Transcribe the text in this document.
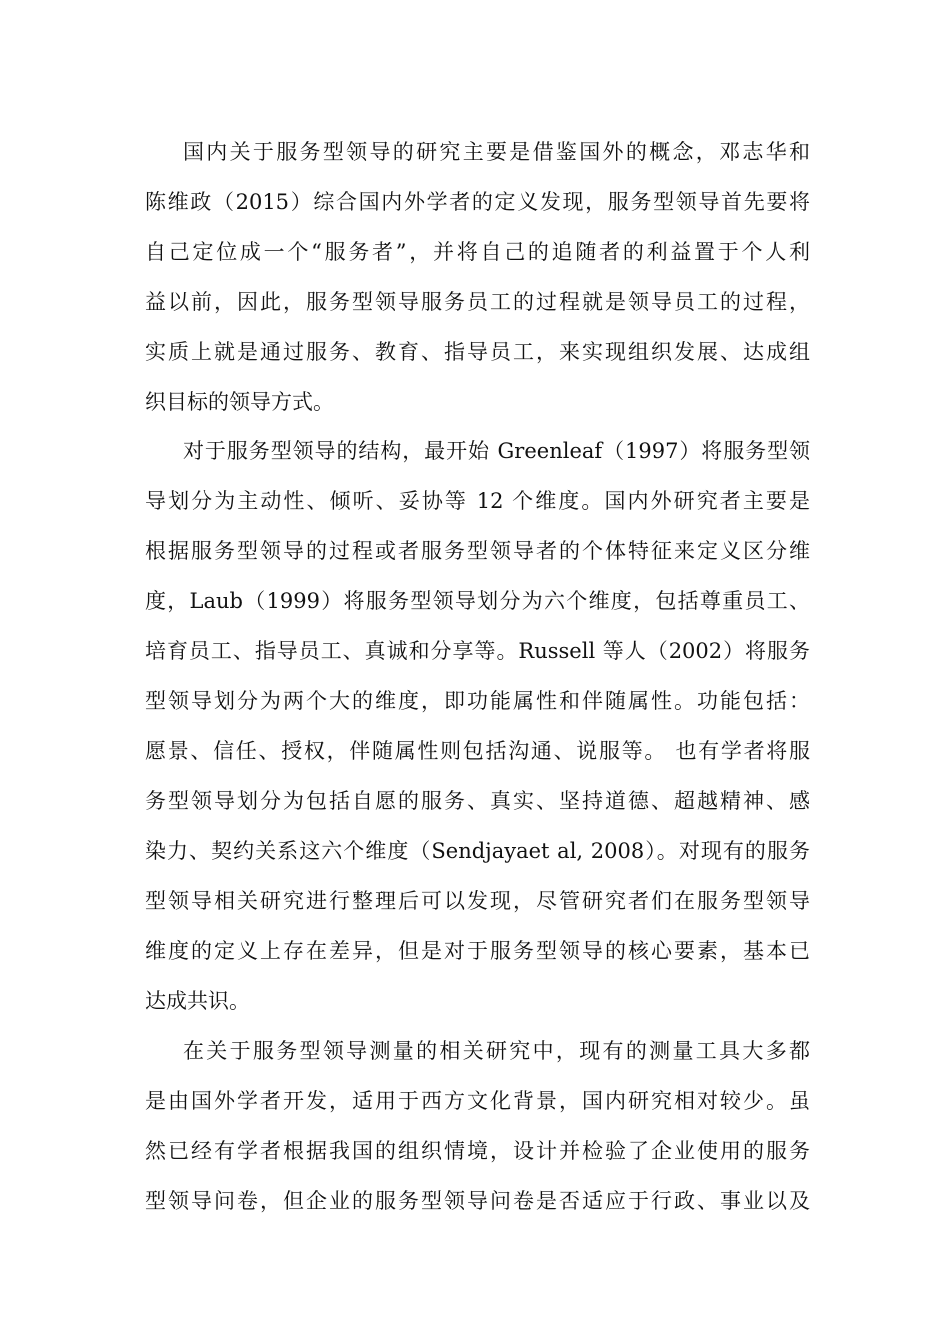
国内关于服务型领导的研究主要是借鉴国外的概念，邓志华和
陈维政（2015）综合国内外学者的定义发现，服务型领导首先要将
自己定位成一个“服务者”，并将自己的追随者的利益置于个人利
益以前，因此，服务型领导服务员工的过程就是领导员工的过程，
实质上就是通过服务、教育、指导员工，来实现组织发展、达成组
织目标的领导方式。
对于服务型领导的结构，最开始 Greenleaf（1997）将服务型领
导划分为主动性、倾听、妥协等 12 个维度。国内外研究者主要是
根据服务型领导的过程或者服务型领导者的个体特征来定义区分维
度，Laub（1999）将服务型领导划分为六个维度，包括尊重员工、
培育员工、指导员工、真诚和分享等。Russell 等人（2002）将服务
型领导划分为两个大的维度，即功能属性和伴随属性。功能包括：
愿景、信任、授权，伴随属性则包括沟通、说服等。 也有学者将服
务型领导划分为包括自愿的服务、真实、坚持道德、超越精神、感
染力、契约关系这六个维度（Sendjayaet al, 2008）。对现有的服务
型领导相关研究进行整理后可以发现，尽管研究者们在服务型领导
维度的定义上存在差异，但是对于服务型领导的核心要素，基本已
达成共识。
在关于服务型领导测量的相关研究中，现有的测量工具大多都
是由国外学者开发，适用于西方文化背景，国内研究相对较少。虽
然已经有学者根据我国的组织情境，设计并检验了企业使用的服务
型领导问卷，但企业的服务型领导问卷是否适应于行政、事业以及
